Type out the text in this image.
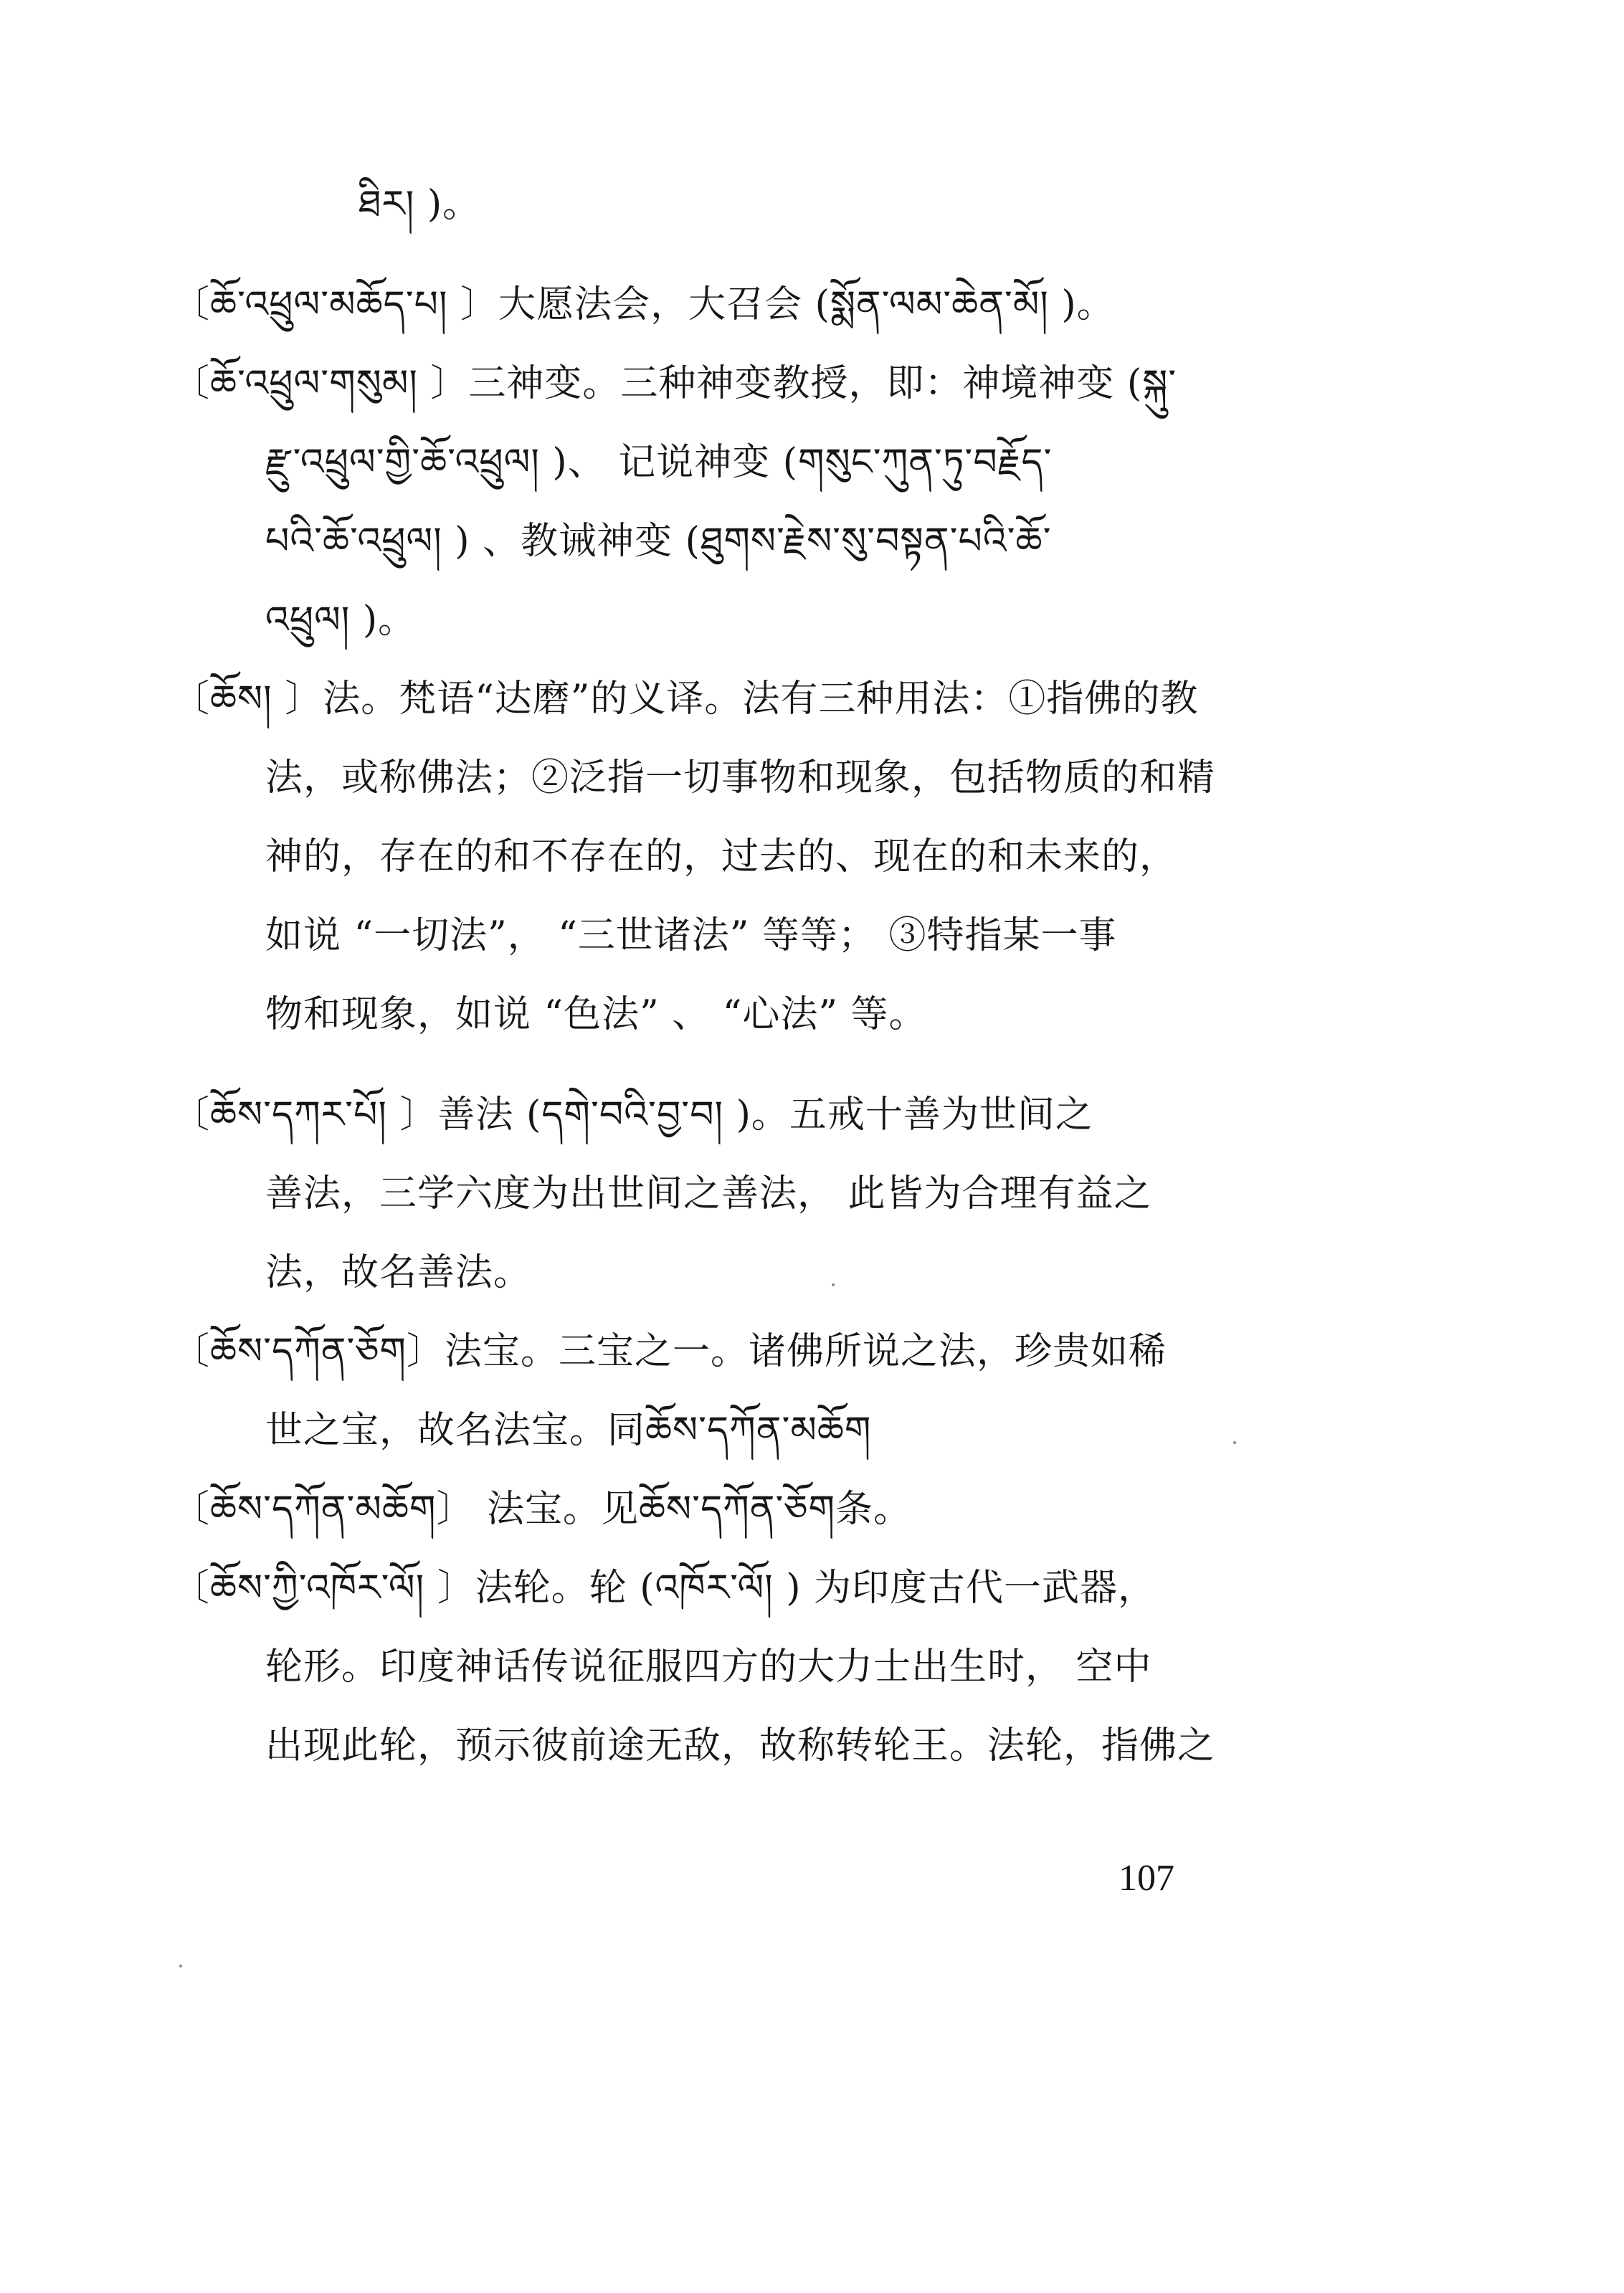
ཐིར། )。
〔ཆོ་འཕྲུལ་མཆོད་པ། 〕大愿法会，大召会 (སྨོན་ལམ་ཆེན་མོ། )。
〔ཆོ་འཕྲུལ་གསུམ། 〕三神变。三种神变教授，即：神境神变 (སྐུ་
རྫུ་འཕྲུལ་གྱི་ཆོ་འཕྲུལ། )、 记说神变 (གསུང་ཀུན་ཏུ་བརྗོད་
པའི་ཆོ་འཕྲུལ། ) 、教诫神变 (ཐུགས་རྗེས་སུ་བསྟན་པའི་ཆོ་
འཕྲུལ། )。
〔ཆོས། 〕法。梵语“达磨”的义译。法有三种用法：①指佛的教
法，或称佛法；②泛指一切事物和现象，包括物质的和精
神的，存在的和不存在的，过去的、现在的和未来的，
如说 “一切法”， “三世诸法” 等等； ③特指某一事
物和现象，如说 “色法” 、 “心法” 等。
〔ཆོས་དཀར་པོ། 〕善法 (དགེ་བའི་བྱ་བ། )。五戒十善为世间之
善法，三学六度为出世间之善法， 此皆为合理有益之
法，故名善法。
〔ཆོས་དཀོན་ཅོག〕法宝。三宝之一。诸佛所说之法，珍贵如稀
世之宝，故名法宝。同ཆོས་དཀོན་མཆོག
〔ཆོས་དཀོན་མཆོག〕 法宝。见ཆོས་དཀོན་ཅོག条。
〔ཆོས་ཀྱི་འཁོར་ལོ། 〕法轮。轮 (འཁོར་ལོ། ) 为印度古代一武器，
轮形。印度神话传说征服四方的大力士出生时， 空中
出现此轮，预示彼前途无敌，故称转轮王。法轮，指佛之
107
